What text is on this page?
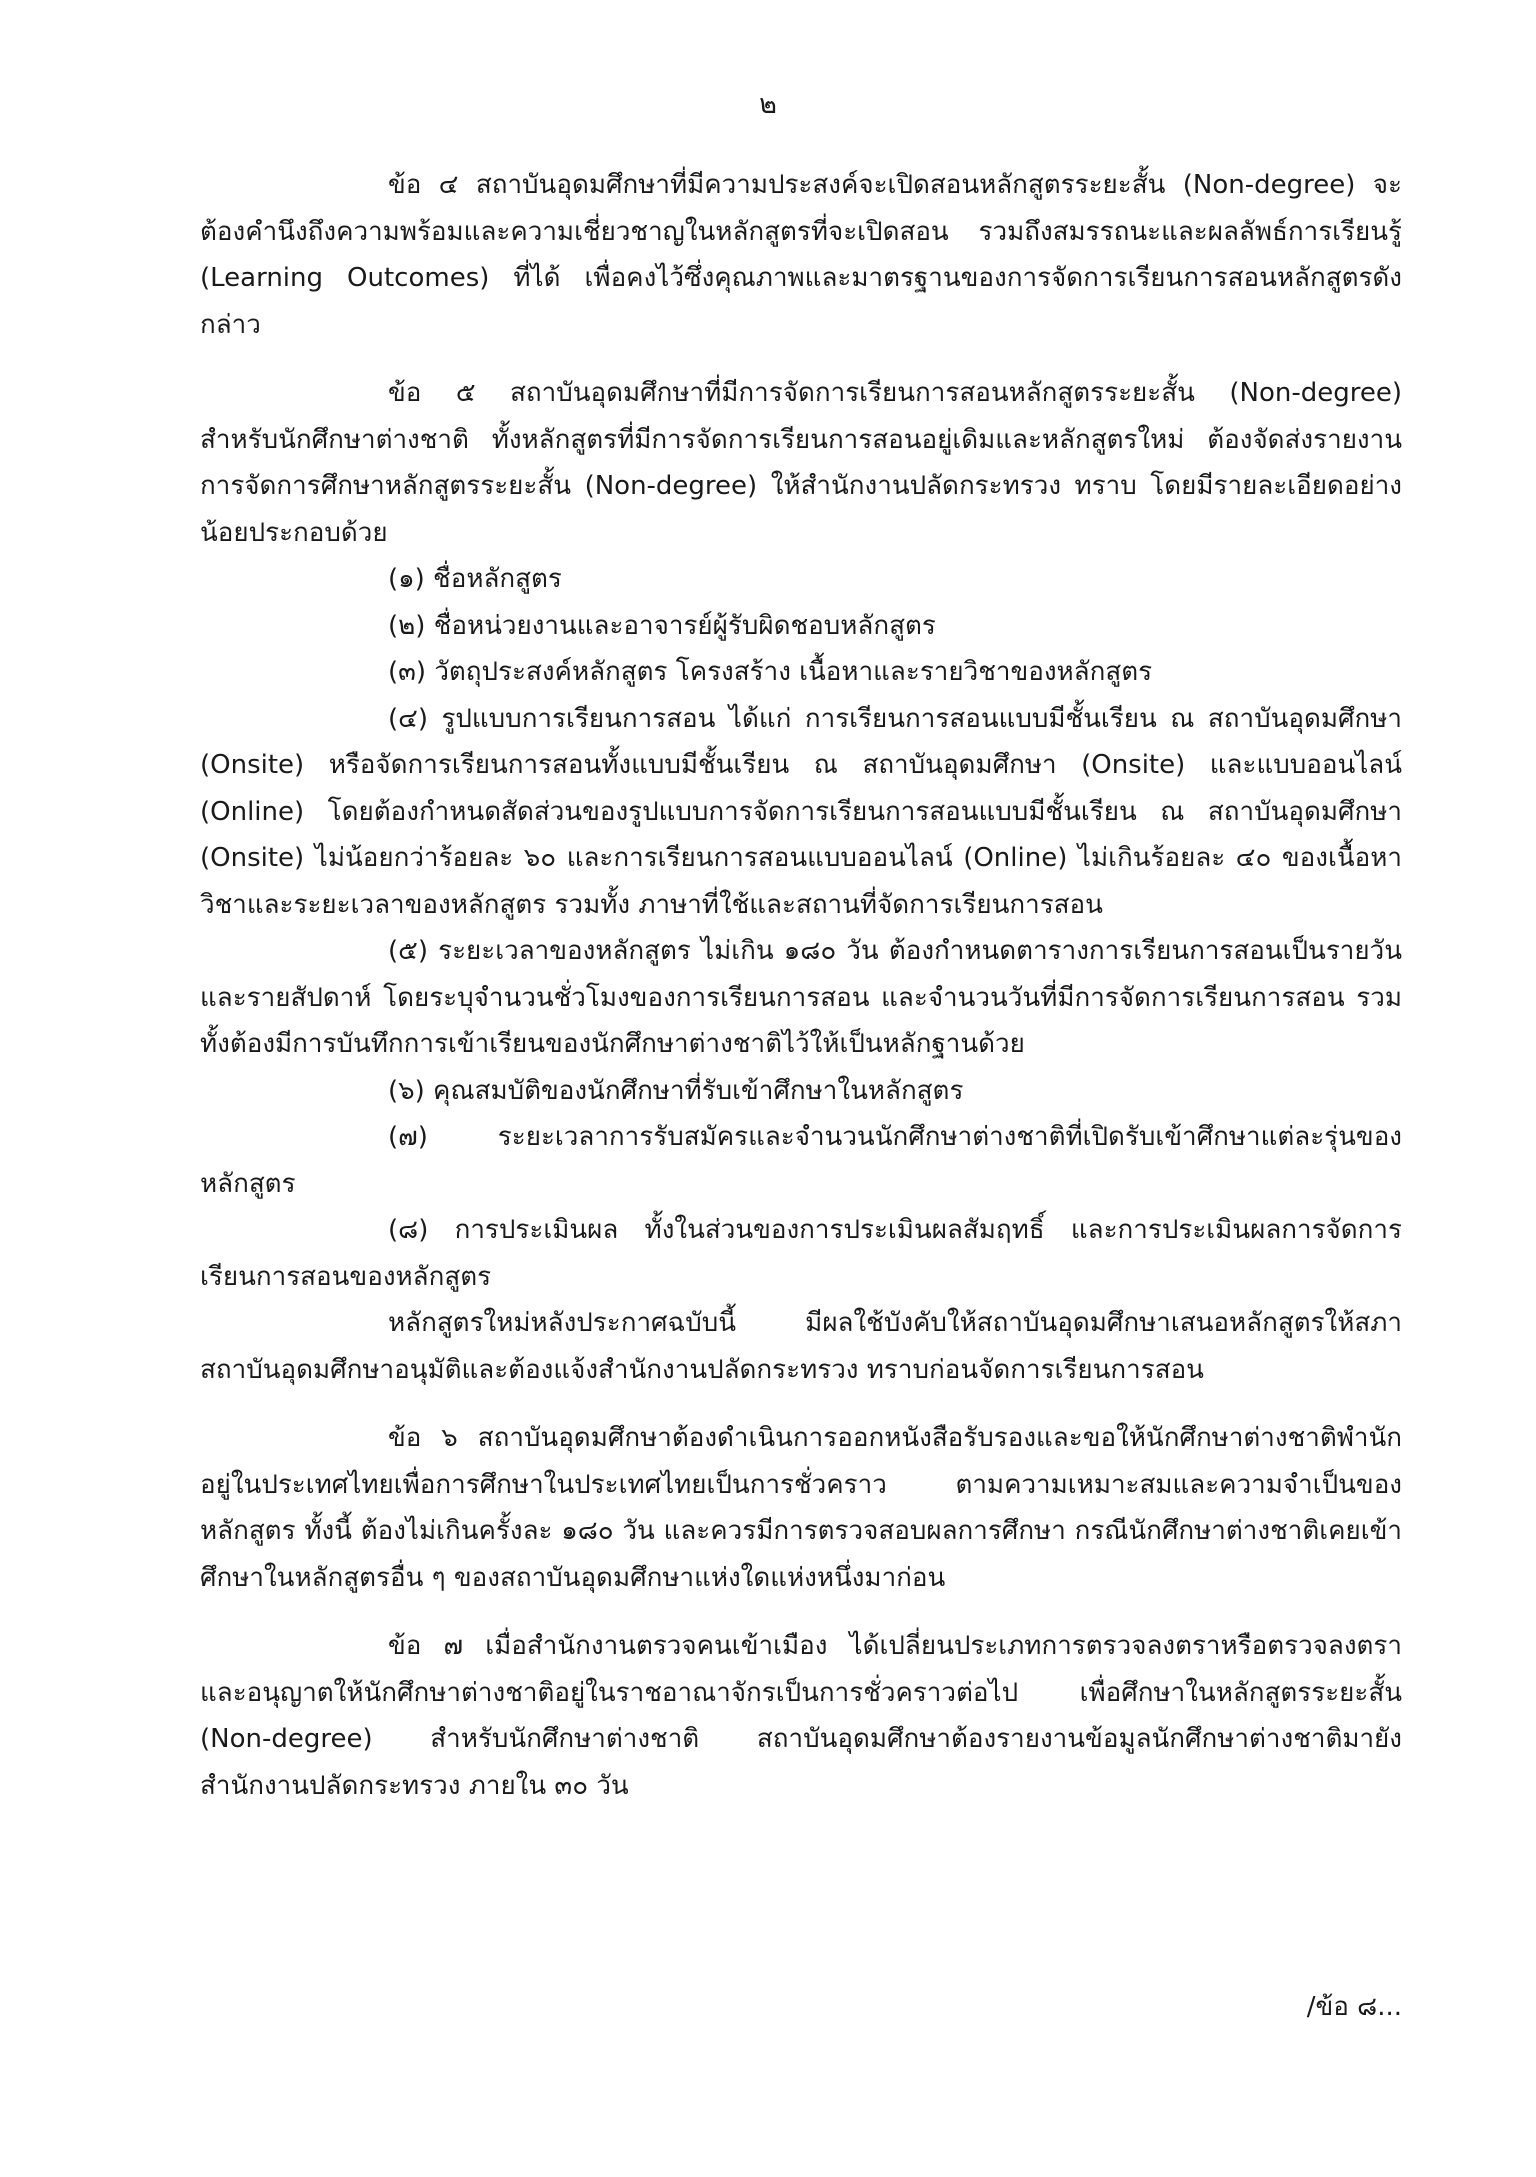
๒

ข้อ ๔ สถาบันอุดมศึกษาที่มีความประสงค์จะเปิดสอนหลักสูตรระยะสั้น (Non-degree) จะต้องคำนึงถึงความพร้อมและความเชี่ยวชาญในหลักสูตรที่จะเปิดสอน รวมถึงสมรรถนะและผลลัพธ์การเรียนรู้ (Learning Outcomes) ที่ได้ เพื่อคงไว้ซึ่งคุณภาพและมาตรฐานของการจัดการเรียนการสอนหลักสูตรดังกล่าว

ข้อ ๕ สถาบันอุดมศึกษาที่มีการจัดการเรียนการสอนหลักสูตรระยะสั้น (Non-degree) สำหรับนักศึกษาต่างชาติ ทั้งหลักสูตรที่มีการจัดการเรียนการสอนอยู่เดิมและหลักสูตรใหม่ ต้องจัดส่งรายงานการจัดการศึกษาหลักสูตรระยะสั้น (Non-degree) ให้สำนักงานปลัดกระทรวง ทราบ โดยมีรายละเอียดอย่างน้อยประกอบด้วย

(๑) ชื่อหลักสูตร

(๒) ชื่อหน่วยงานและอาจารย์ผู้รับผิดชอบหลักสูตร

(๓) วัตถุประสงค์หลักสูตร โครงสร้าง เนื้อหาและรายวิชาของหลักสูตร

(๔) รูปแบบการเรียนการสอน ได้แก่ การเรียนการสอนแบบมีชั้นเรียน ณ สถาบันอุดมศึกษา (Onsite) หรือจัดการเรียนการสอนทั้งแบบมีชั้นเรียน ณ สถาบันอุดมศึกษา (Onsite) และแบบออนไลน์ (Online) โดยต้องกำหนดสัดส่วนของรูปแบบการจัดการเรียนการสอนแบบมีชั้นเรียน ณ สถาบันอุดมศึกษา (Onsite) ไม่น้อยกว่าร้อยละ ๖๐ และการเรียนการสอนแบบออนไลน์ (Online) ไม่เกินร้อยละ ๔๐ ของเนื้อหาวิชาและระยะเวลาของหลักสูตร รวมทั้ง ภาษาที่ใช้และสถานที่จัดการเรียนการสอน

(๕) ระยะเวลาของหลักสูตร ไม่เกิน ๑๘๐ วัน ต้องกำหนดตารางการเรียนการสอนเป็นรายวันและรายสัปดาห์ โดยระบุจำนวนชั่วโมงของการเรียนการสอน และจำนวนวันที่มีการจัดการเรียนการสอน รวมทั้งต้องมีการบันทึกการเข้าเรียนของนักศึกษาต่างชาติไว้ให้เป็นหลักฐานด้วย

(๖) คุณสมบัติของนักศึกษาที่รับเข้าศึกษาในหลักสูตร

(๗) ระยะเวลาการรับสมัครและจำนวนนักศึกษาต่างชาติที่เปิดรับเข้าศึกษาแต่ละรุ่นของหลักสูตร

(๘) การประเมินผล ทั้งในส่วนของการประเมินผลสัมฤทธิ์ และการประเมินผลการจัดการเรียนการสอนของหลักสูตร

หลักสูตรใหม่หลังประกาศฉบับนี้ มีผลใช้บังคับให้สถาบันอุดมศึกษาเสนอหลักสูตรให้สภาสถาบันอุดมศึกษาอนุมัติและต้องแจ้งสำนักงานปลัดกระทรวง ทราบก่อนจัดการเรียนการสอน

ข้อ ๖ สถาบันอุดมศึกษาต้องดำเนินการออกหนังสือรับรองและขอให้นักศึกษาต่างชาติพำนักอยู่ในประเทศไทยเพื่อการศึกษาในประเทศไทยเป็นการชั่วคราว ตามความเหมาะสมและความจำเป็นของหลักสูตร ทั้งนี้ ต้องไม่เกินครั้งละ ๑๘๐ วัน และควรมีการตรวจสอบผลการศึกษา กรณีนักศึกษาต่างชาติเคยเข้าศึกษาในหลักสูตรอื่น ๆ ของสถาบันอุดมศึกษาแห่งใดแห่งหนึ่งมาก่อน

ข้อ ๗ เมื่อสำนักงานตรวจคนเข้าเมือง ได้เปลี่ยนประเภทการตรวจลงตราหรือตรวจลงตราและอนุญาตให้นักศึกษาต่างชาติอยู่ในราชอาณาจักรเป็นการชั่วคราวต่อไป เพื่อศึกษาในหลักสูตรระยะสั้น (Non-degree) สำหรับนักศึกษาต่างชาติ สถาบันอุดมศึกษาต้องรายงานข้อมูลนักศึกษาต่างชาติมายังสำนักงานปลัดกระทรวง ภายใน ๓๐ วัน

/ข้อ ๘...
